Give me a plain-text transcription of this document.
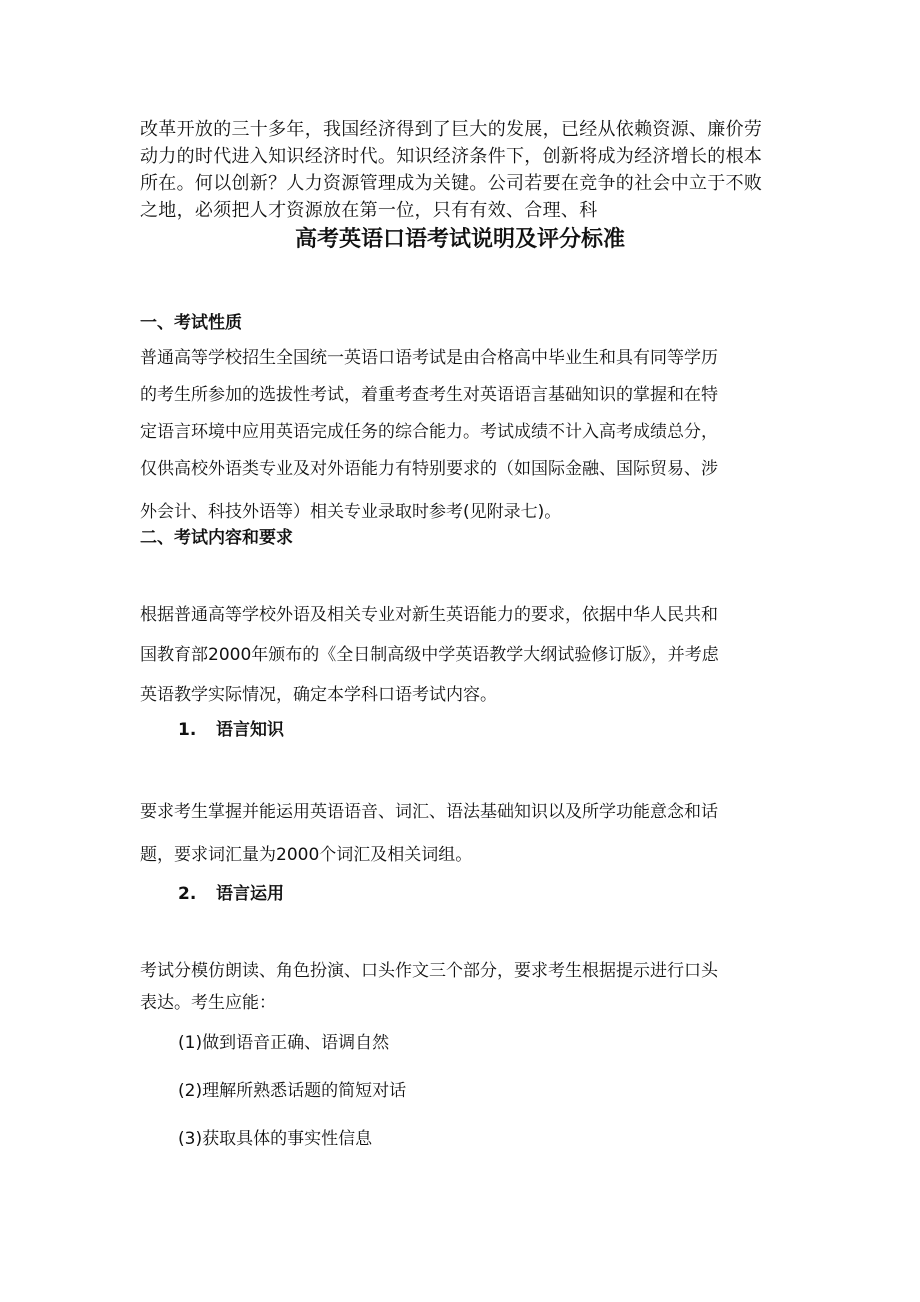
改革开放的三十多年，我国经济得到了巨大的发展，已经从依赖资源、廉价劳动力的时代进入知识经济时代。知识经济条件下，创新将成为经济增长的根本所在。何以创新？人力资源管理成为关键。公司若要在竞争的社会中立于不败之地，必须把人才资源放在第一位，只有有效、合理、科

高考英语口语考试说明及评分标准
一、考试性质
普通高等学校招生全国统一英语口语考试是由合格高中毕业生和具有同等学历
的考生所参加的选拔性考试，着重考查考生对英语语言基础知识的掌握和在特
定语言环境中应用英语完成任务的综合能力。考试成绩不计入高考成绩总分，
仅供高校外语类专业及对外语能力有特别要求的（如国际金融、国际贸易、涉
外会计、科技外语等）相关专业录取时参考(见附录七)。
二、考试内容和要求
根据普通高等学校外语及相关专业对新生英语能力的要求，依据中华人民共和
国教育部2000年颁布的《全日制高级中学英语教学大纲试验修订版》，并考虑
英语教学实际情况，确定本学科口语考试内容。
1. 语言知识
要求考生掌握并能运用英语语音、词汇、语法基础知识以及所学功能意念和话
题，要求词汇量为2000个词汇及相关词组。
2. 语言运用
考试分模仿朗读、角色扮演、口头作文三个部分，要求考生根据提示进行口头
表达。考生应能：

(1)做到语音正确、语调自然

(2)理解所熟悉话题的简短对话

(3)获取具体的事实性信息
